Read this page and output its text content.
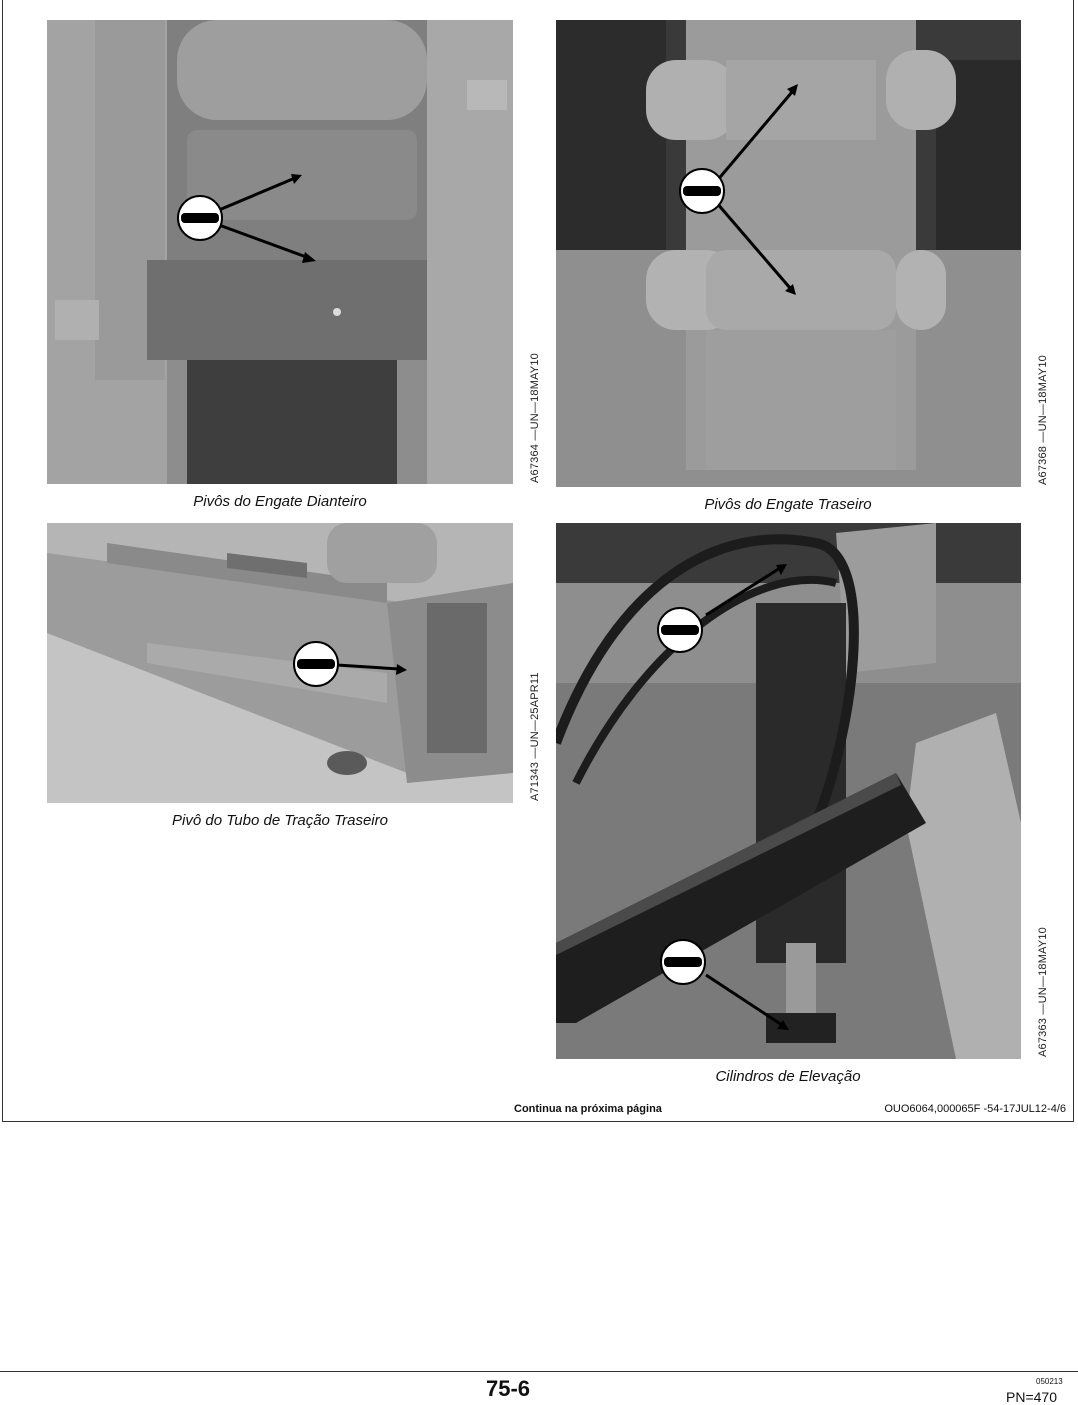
A67364 —UN—18MAY10
Pivôs do Engate Dianteiro
A67368 —UN—18MAY10
Pivôs do Engate Traseiro
A71343 —UN—25APR11
Pivô do Tubo de Tração Traseiro
A67363 —UN—18MAY10
Cilindros de Elevação
Continua na próxima página	OUO6064,000065F -54-17JUL12-4/6
75-6	050213
PN=470
